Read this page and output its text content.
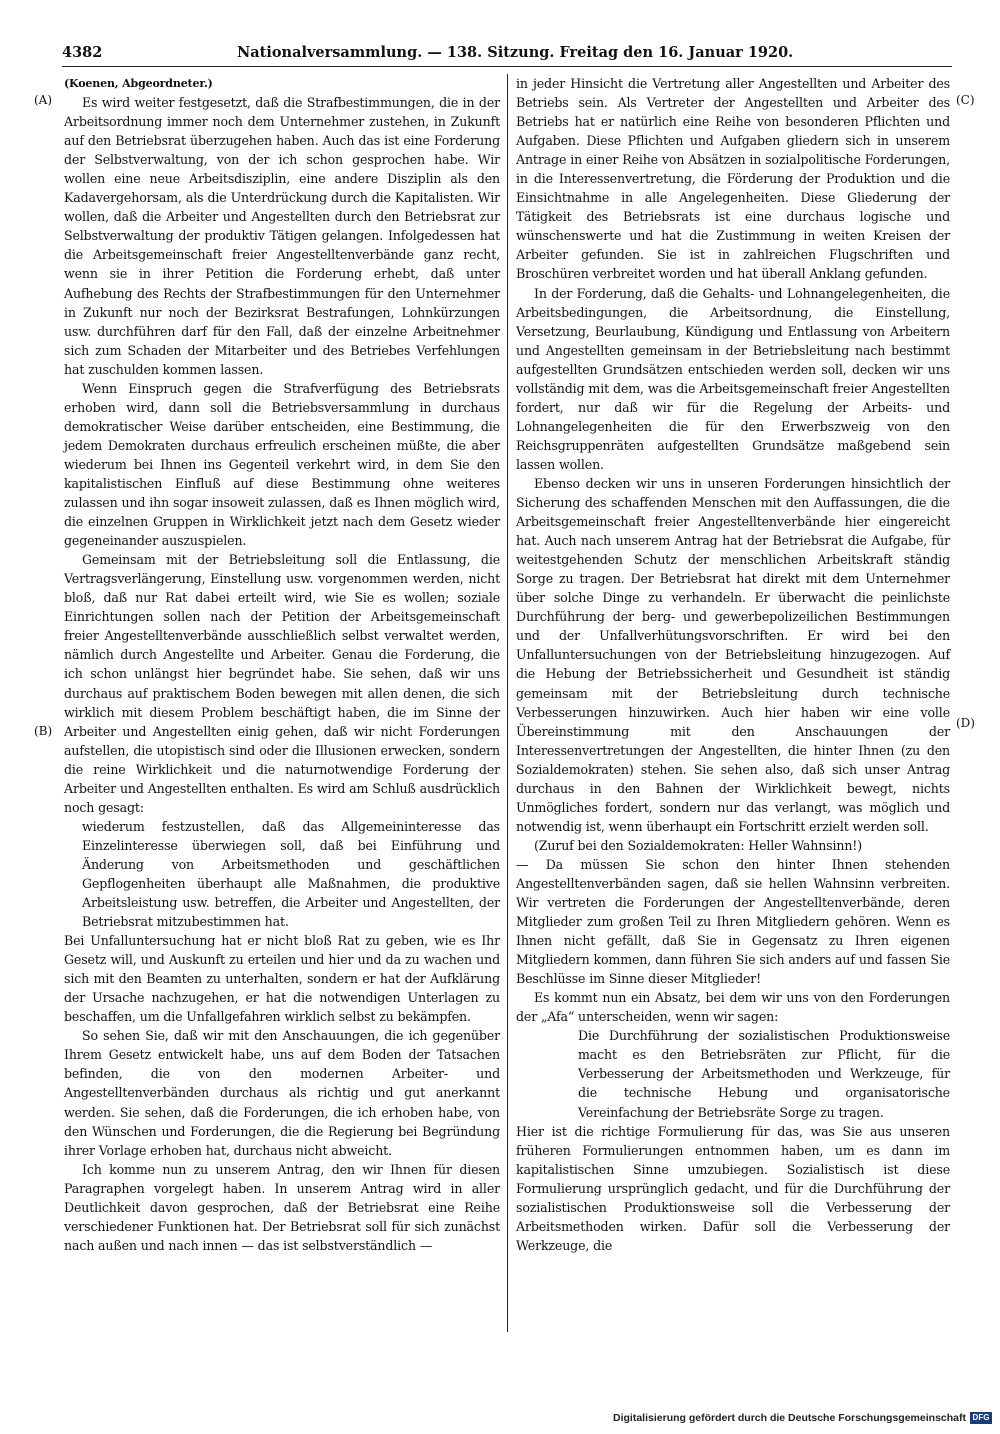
4382	Nationalversammlung. — 138. Sitzung. Freitag den 16. Januar 1920.
(A)
(B)
(C)
(D)

(Koenen, Abgeordneter.)

Es wird weiter festgesetzt, daß die Strafbestimmungen, die in der Arbeitsordnung immer noch dem Unternehmer zustehen, in Zukunft auf den Betriebsrat überzugehen haben. Auch das ist eine Forderung der Selbstverwaltung, von der ich schon gesprochen habe. Wir wollen eine neue Arbeitsdisziplin, eine andere Disziplin als den Kadavergehorsam, als die Unterdrückung durch die Kapitalisten. Wir wollen, daß die Arbeiter und Angestellten durch den Betriebsrat zur Selbstverwaltung der produktiv Tätigen gelangen. Infolgedessen hat die Arbeitsgemeinschaft freier Angestelltenverbände ganz recht, wenn sie in ihrer Petition die Forderung erhebt, daß unter Aufhebung des Rechts der Strafbestimmungen für den Unternehmer in Zukunft nur noch der Bezirksrat Bestrafungen, Lohnkürzungen usw. durchführen darf für den Fall, daß der einzelne Arbeitnehmer sich zum Schaden der Mitarbeiter und des Betriebes Verfehlungen hat zuschulden kommen lassen.

Wenn Einspruch gegen die Strafverfügung des Betriebsrats erhoben wird, dann soll die Betriebsversammlung in durchaus demokratischer Weise darüber entscheiden, eine Bestimmung, die jedem Demokraten durchaus erfreulich erscheinen müßte, die aber wiederum bei Ihnen ins Gegenteil verkehrt wird, in dem Sie den kapitalistischen Einfluß auf diese Bestimmung ohne weiteres zulassen und ihn sogar insoweit zulassen, daß es Ihnen möglich wird, die einzelnen Gruppen in Wirklichkeit jetzt nach dem Gesetz wieder gegeneinander auszuspielen.

Gemeinsam mit der Betriebsleitung soll die Entlassung, die Vertragsverlängerung, Einstellung usw. vorgenommen werden, nicht bloß, daß nur Rat dabei erteilt wird, wie Sie es wollen; soziale Einrichtungen sollen nach der Petition der Arbeitsgemeinschaft freier Angestelltenverbände ausschließlich selbst verwaltet werden, nämlich durch Angestellte und Arbeiter. Genau die Forderung, die ich schon unlängst hier begründet habe. Sie sehen, daß wir uns durchaus auf praktischem Boden bewegen mit allen denen, die sich wirklich mit diesem Problem beschäftigt haben, die im Sinne der Arbeiter und Angestellten einig gehen, daß wir nicht Forderungen aufstellen, die utopistisch sind oder die Illusionen erwecken, sondern die reine Wirklichkeit und die naturnotwendige Forderung der Arbeiter und Angestellten enthalten. Es wird am Schluß ausdrücklich noch gesagt:

wiederum festzustellen, daß das Allgemeininteresse das Einzelinteresse überwiegen soll, daß bei Einführung und Änderung von Arbeitsmethoden und geschäftlichen Gepflogenheiten überhaupt alle Maßnahmen, die produktive Arbeitsleistung usw. betreffen, die Arbeiter und Angestellten, der Betriebsrat mitzubestimmen hat.

Bei Unfalluntersuchung hat er nicht bloß Rat zu geben, wie es Ihr Gesetz will, und Auskunft zu erteilen und hier und da zu wachen und sich mit den Beamten zu unterhalten, sondern er hat der Aufklärung der Ursache nachzugehen, er hat die notwendigen Unterlagen zu beschaffen, um die Unfallgefahren wirklich selbst zu bekämpfen.

So sehen Sie, daß wir mit den Anschauungen, die ich gegenüber Ihrem Gesetz entwickelt habe, uns auf dem Boden der Tatsachen befinden, die von den modernen Arbeiter- und Angestelltenverbänden durchaus als richtig und gut anerkannt werden. Sie sehen, daß die Forderungen, die ich erhoben habe, von den Wünschen und Forderungen, die die Regierung bei Begründung ihrer Vorlage erhoben hat, durchaus nicht abweicht.

Ich komme nun zu unserem Antrag, den wir Ihnen für diesen Paragraphen vorgelegt haben. In unserem Antrag wird in aller Deutlichkeit davon gesprochen, daß der Betriebsrat eine Reihe verschiedener Funktionen hat. Der Betriebsrat soll für sich zunächst nach außen und nach innen — das ist selbstverständlich —

in jeder Hinsicht die Vertretung aller Angestellten und Arbeiter des Betriebs sein. Als Vertreter der Angestellten und Arbeiter des Betriebs hat er natürlich eine Reihe von besonderen Pflichten und Aufgaben. Diese Pflichten und Aufgaben gliedern sich in unserem Antrage in einer Reihe von Absätzen in sozialpolitische Forderungen, in die Interessenvertretung, die Förderung der Produktion und die Einsichtnahme in alle Angelegenheiten. Diese Gliederung der Tätigkeit des Betriebsrats ist eine durchaus logische und wünschenswerte und hat die Zustimmung in weiten Kreisen der Arbeiter gefunden. Sie ist in zahlreichen Flugschriften und Broschüren verbreitet worden und hat überall Anklang gefunden.

In der Forderung, daß die Gehalts- und Lohnangelegenheiten, die Arbeitsbedingungen, die Arbeitsordnung, die Einstellung, Versetzung, Beurlaubung, Kündigung und Entlassung von Arbeitern und Angestellten gemeinsam in der Betriebsleitung nach bestimmt aufgestellten Grundsätzen entschieden werden soll, decken wir uns vollständig mit dem, was die Arbeitsgemeinschaft freier Angestellten fordert, nur daß wir für die Regelung der Arbeits- und Lohnangelegenheiten die für den Erwerbszweig von den Reichsgruppenräten aufgestellten Grundsätze maßgebend sein lassen wollen.

Ebenso decken wir uns in unseren Forderungen hinsichtlich der Sicherung des schaffenden Menschen mit den Auffassungen, die die Arbeitsgemeinschaft freier Angestelltenverbände hier eingereicht hat. Auch nach unserem Antrag hat der Betriebsrat die Aufgabe, für weitestgehenden Schutz der menschlichen Arbeitskraft ständig Sorge zu tragen. Der Betriebsrat hat direkt mit dem Unternehmer über solche Dinge zu verhandeln. Er überwacht die peinlichste Durchführung der berg- und gewerbepolizeilichen Bestimmungen und der Unfallverhütungsvorschriften. Er wird bei den Unfalluntersuchungen von der Betriebsleitung hinzugezogen. Auf die Hebung der Betriebssicherheit und Gesundheit ist ständig gemeinsam mit der Betriebsleitung durch technische Verbesserungen hinzuwirken. Auch hier haben wir eine volle Übereinstimmung mit den Anschauungen der Interessenvertretungen der Angestellten, die hinter Ihnen (zu den Sozialdemokraten) stehen. Sie sehen also, daß sich unser Antrag durchaus in den Bahnen der Wirklichkeit bewegt, nichts Unmögliches fordert, sondern nur das verlangt, was möglich und notwendig ist, wenn überhaupt ein Fortschritt erzielt werden soll.

(Zuruf bei den Sozialdemokraten: Heller Wahnsinn!)

— Da müssen Sie schon den hinter Ihnen stehenden Angestelltenverbänden sagen, daß sie hellen Wahnsinn verbreiten. Wir vertreten die Forderungen der Angestelltenverbände, deren Mitglieder zum großen Teil zu Ihren Mitgliedern gehören. Wenn es Ihnen nicht gefällt, daß Sie in Gegensatz zu Ihren eigenen Mitgliedern kommen, dann führen Sie sich anders auf und fassen Sie Beschlüsse im Sinne dieser Mitglieder!

Es kommt nun ein Absatz, bei dem wir uns von den Forderungen der „Afa“ unterscheiden, wenn wir sagen:

Die Durchführung der sozialistischen Produktionsweise macht es den Betriebsräten zur Pflicht, für die Verbesserung der Arbeitsmethoden und Werkzeuge, für die technische Hebung und organisatorische Vereinfachung der Betriebsräte Sorge zu tragen.

Hier ist die richtige Formulierung für das, was Sie aus unseren früheren Formulierungen entnommen haben, um es dann im kapitalistischen Sinne umzubiegen. Sozialistisch ist diese Formulierung ursprünglich gedacht, und für die Durchführung der sozialistischen Produktionsweise soll die Verbesserung der Arbeitsmethoden wirken. Dafür soll die Verbesserung der Werkzeuge, die

Digitalisierung gefördert durch die Deutsche Forschungsgemeinschaft DFG
